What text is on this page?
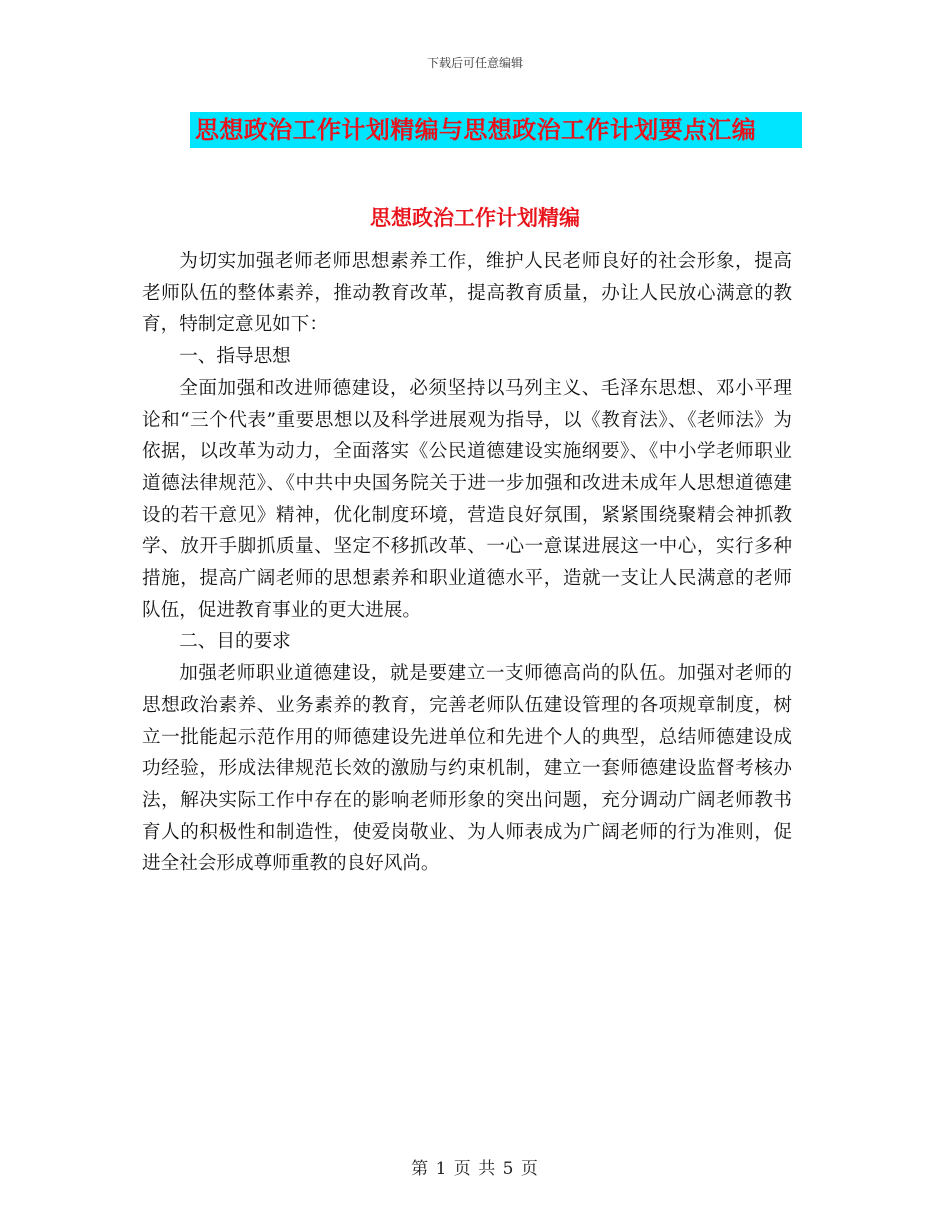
下载后可任意编辑
思想政治工作计划精编与思想政治工作计划要点汇编
思想政治工作计划精编

为切实加强老师老师思想素养工作，维护人民老师良好的社会形象，提高老师队伍的整体素养，推动教育改革，提高教育质量，办让人民放心满意的教育，特制定意见如下：

一、指导思想

全面加强和改进师德建设，必须坚持以马列主义、毛泽东思想、邓小平理论和“三个代表”重要思想以及科学进展观为指导，以《教育法》、《老师法》为依据，以改革为动力，全面落实《公民道德建设实施纲要》、《中小学老师职业道德法律规范》、《中共中央国务院关于进一步加强和改进未成年人思想道德建设的若干意见》精神，优化制度环境，营造良好氛围，紧紧围绕聚精会神抓教学、放开手脚抓质量、坚定不移抓改革、一心一意谋进展这一中心，实行多种措施，提高广阔老师的思想素养和职业道德水平，造就一支让人民满意的老师队伍，促进教育事业的更大进展。

二、目的要求

加强老师职业道德建设，就是要建立一支师德高尚的队伍。加强对老师的思想政治素养、业务素养的教育，完善老师队伍建设管理的各项规章制度，树立一批能起示范作用的师德建设先进单位和先进个人的典型，总结师德建设成功经验，形成法律规范长效的激励与约束机制，建立一套师德建设监督考核办法，解决实际工作中存在的影响老师形象的突出问题，充分调动广阔老师教书育人的积极性和制造性，使爱岗敬业、为人师表成为广阔老师的行为准则，促进全社会形成尊师重教的良好风尚。

第 1 页 共 5 页
